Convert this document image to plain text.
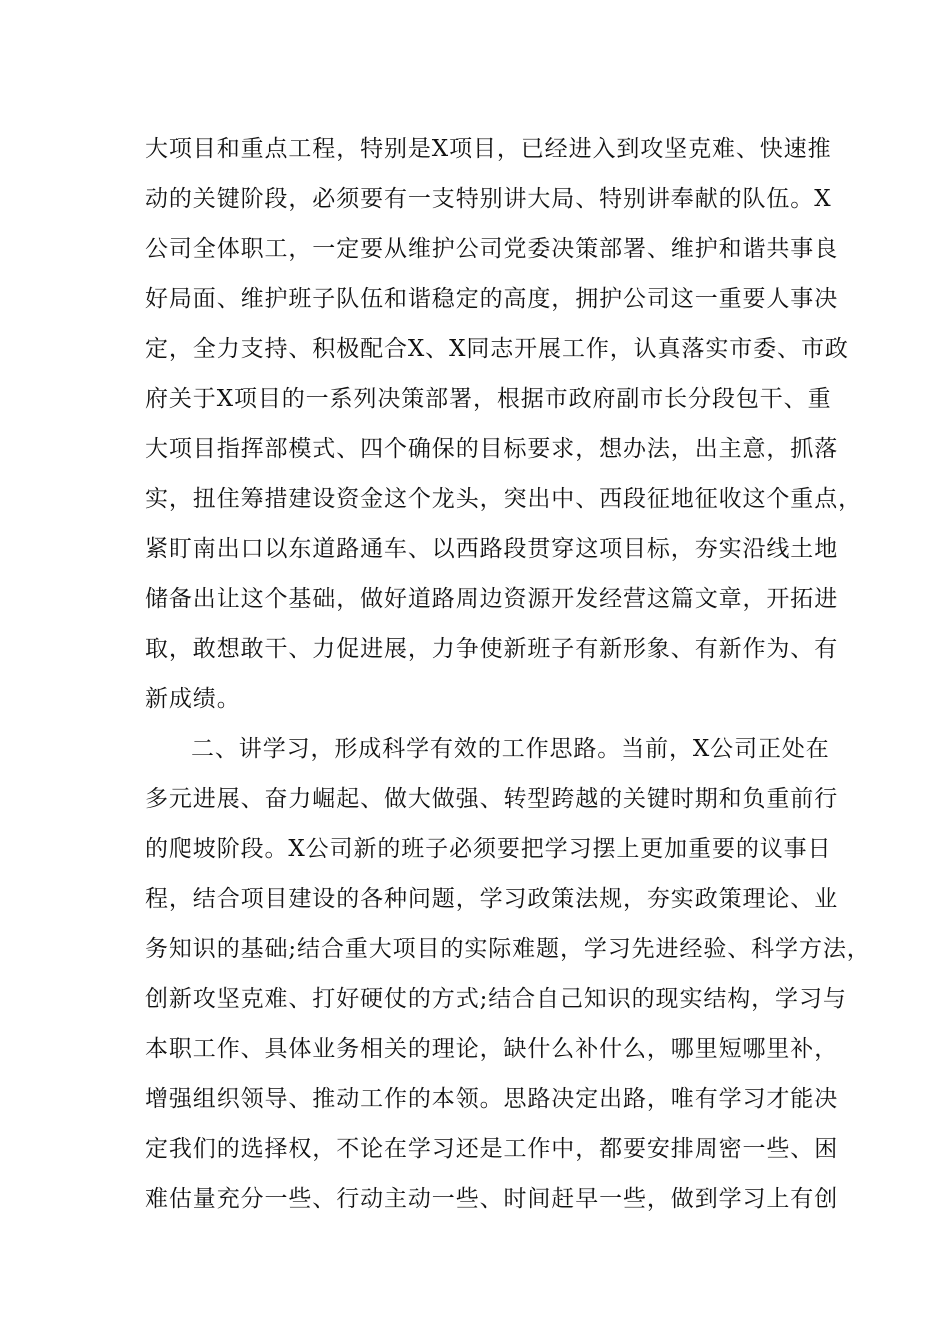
大项目和重点工程，特别是X项目，已经进入到攻坚克难、快速推
动的关键阶段，必须要有一支特别讲大局、特别讲奉献的队伍。X
公司全体职工，一定要从维护公司党委决策部署、维护和谐共事良
好局面、维护班子队伍和谐稳定的高度，拥护公司这一重要人事决
定，全力支持、积极配合X、X同志开展工作，认真落实市委、市政
府关于X项目的一系列决策部署，根据市政府副市长分段包干、重
大项目指挥部模式、四个确保的目标要求，想办法，出主意，抓落
实，扭住筹措建设资金这个龙头，突出中、西段征地征收这个重点，
紧盯南出口以东道路通车、以西路段贯穿这项目标，夯实沿线土地
储备出让这个基础，做好道路周边资源开发经营这篇文章，开拓进
取，敢想敢干、力促进展，力争使新班子有新形象、有新作为、有
新成绩。
二、讲学习，形成科学有效的工作思路。当前，X公司正处在
多元进展、奋力崛起、做大做强、转型跨越的关键时期和负重前行
的爬坡阶段。X公司新的班子必须要把学习摆上更加重要的议事日
程，结合项目建设的各种问题，学习政策法规，夯实政策理论、业
务知识的基础;结合重大项目的实际难题，学习先进经验、科学方法，
创新攻坚克难、打好硬仗的方式;结合自己知识的现实结构，学习与
本职工作、具体业务相关的理论，缺什么补什么，哪里短哪里补，
增强组织领导、推动工作的本领。思路决定出路，唯有学习才能决
定我们的选择权，不论在学习还是工作中，都要安排周密一些、困
难估量充分一些、行动主动一些、时间赶早一些，做到学习上有创
